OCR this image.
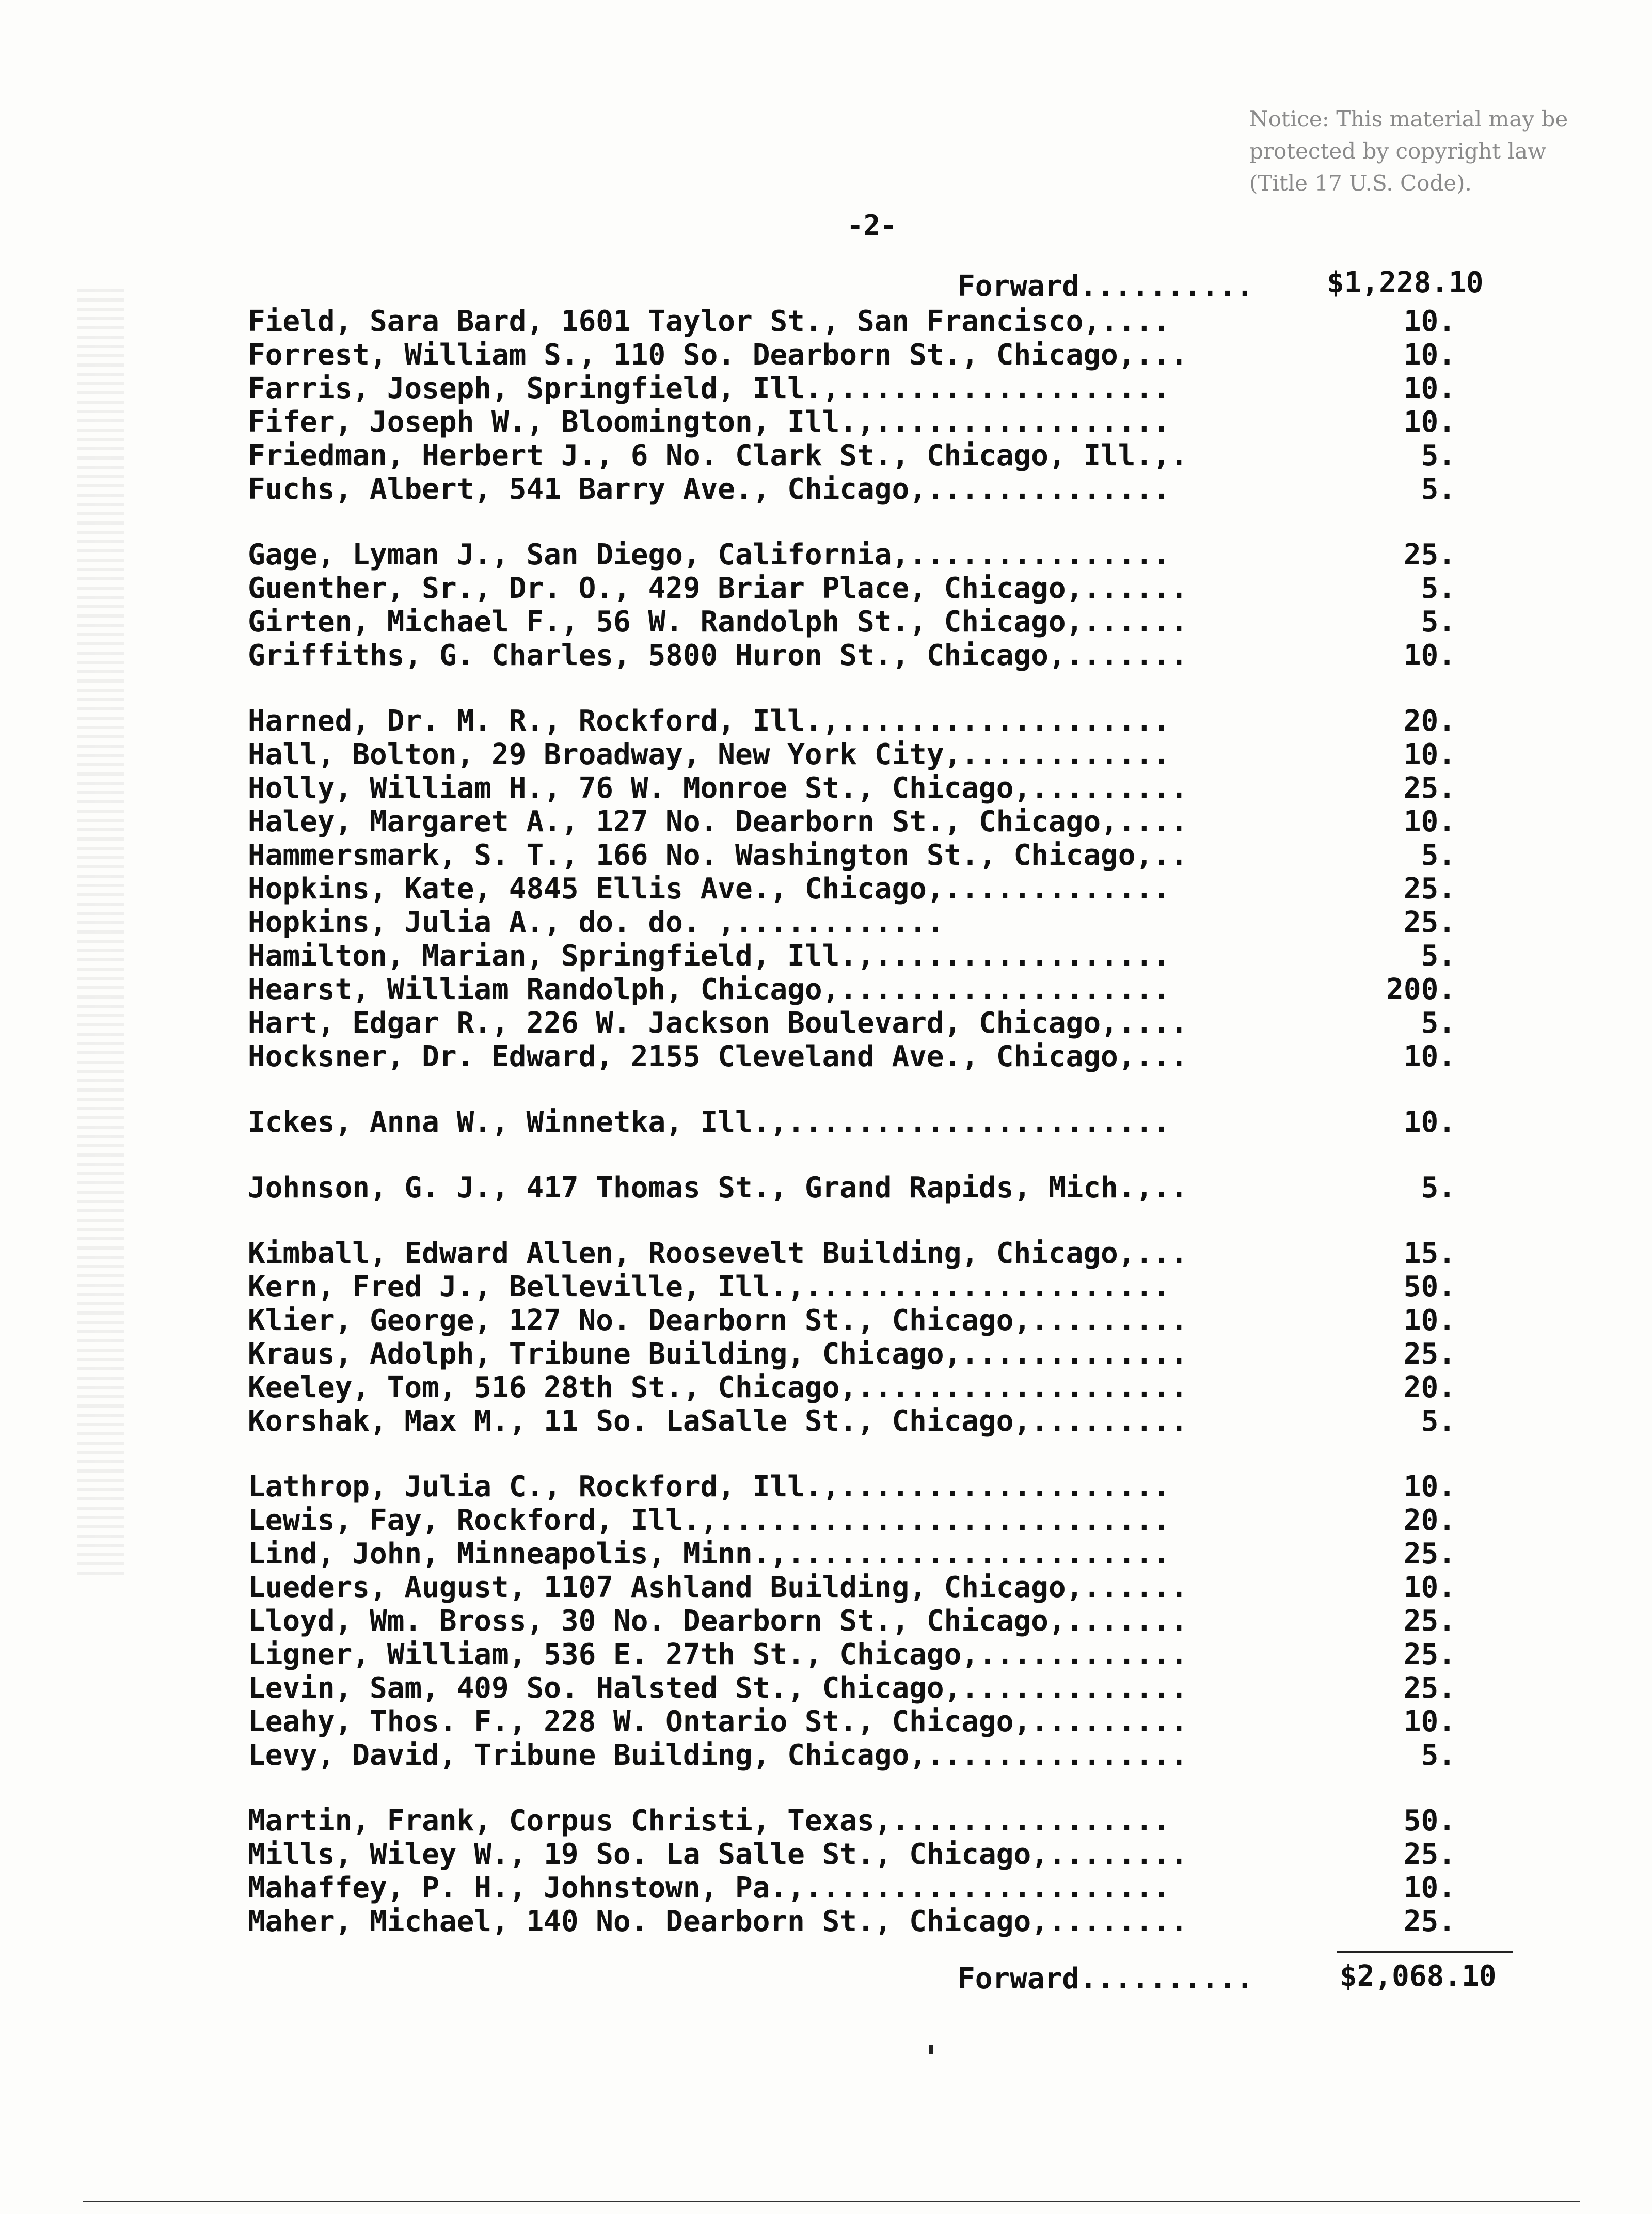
Notice: This material may be
protected by copyright law
(Title 17 U.S. Code).
-2-
Forward..........	$1,228.10
Field, Sara Bard, 1601 Taylor St., San Francisco,....	10.
Forrest, William S., 110 So. Dearborn St., Chicago,...	10.
Farris, Joseph, Springfield, Ill.,...................	10.
Fifer, Joseph W., Bloomington, Ill.,.................	10.
Friedman, Herbert J., 6 No. Clark St., Chicago, Ill.,.	5.
Fuchs, Albert, 541 Barry Ave., Chicago,..............	5.
Gage, Lyman J., San Diego, California,...............	25.
Guenther, Sr., Dr. O., 429 Briar Place, Chicago,......	5.
Girten, Michael F., 56 W. Randolph St., Chicago,......	5.
Griffiths, G. Charles, 5800 Huron St., Chicago,.......	10.
Harned, Dr. M. R., Rockford, Ill.,...................	20.
Hall, Bolton, 29 Broadway, New York City,............	10.
Holly, William H., 76 W. Monroe St., Chicago,.........	25.
Haley, Margaret A., 127 No. Dearborn St., Chicago,....	10.
Hammersmark, S. T., 166 No. Washington St., Chicago,..	5.
Hopkins, Kate, 4845 Ellis Ave., Chicago,.............	25.
Hopkins, Julia A., do. do. ,............	25.
Hamilton, Marian, Springfield, Ill.,.................	5.
Hearst, William Randolph, Chicago,...................	200.
Hart, Edgar R., 226 W. Jackson Boulevard, Chicago,....	5.
Hocksner, Dr. Edward, 2155 Cleveland Ave., Chicago,...	10.
Ickes, Anna W., Winnetka, Ill.,......................	10.
Johnson, G. J., 417 Thomas St., Grand Rapids, Mich.,..	5.
Kimball, Edward Allen, Roosevelt Building, Chicago,...	15.
Kern, Fred J., Belleville, Ill.,.....................	50.
Klier, George, 127 No. Dearborn St., Chicago,.........	10.
Kraus, Adolph, Tribune Building, Chicago,.............	25.
Keeley, Tom, 516 28th St., Chicago,...................	20.
Korshak, Max M., 11 So. LaSalle St., Chicago,.........	5.
Lathrop, Julia C., Rockford, Ill.,...................	10.
Lewis, Fay, Rockford, Ill.,..........................	20.
Lind, John, Minneapolis, Minn.,......................	25.
Lueders, August, 1107 Ashland Building, Chicago,......	10.
Lloyd, Wm. Bross, 30 No. Dearborn St., Chicago,.......	25.
Ligner, William, 536 E. 27th St., Chicago,............	25.
Levin, Sam, 409 So. Halsted St., Chicago,.............	25.
Leahy, Thos. F., 228 W. Ontario St., Chicago,.........	10.
Levy, David, Tribune Building, Chicago,...............	5.
Martin, Frank, Corpus Christi, Texas,................	50.
Mills, Wiley W., 19 So. La Salle St., Chicago,........	25.
Mahaffey, P. H., Johnstown, Pa.,.....................	10.
Maher, Michael, 140 No. Dearborn St., Chicago,........	25.
Forward..........	$2,068.10
